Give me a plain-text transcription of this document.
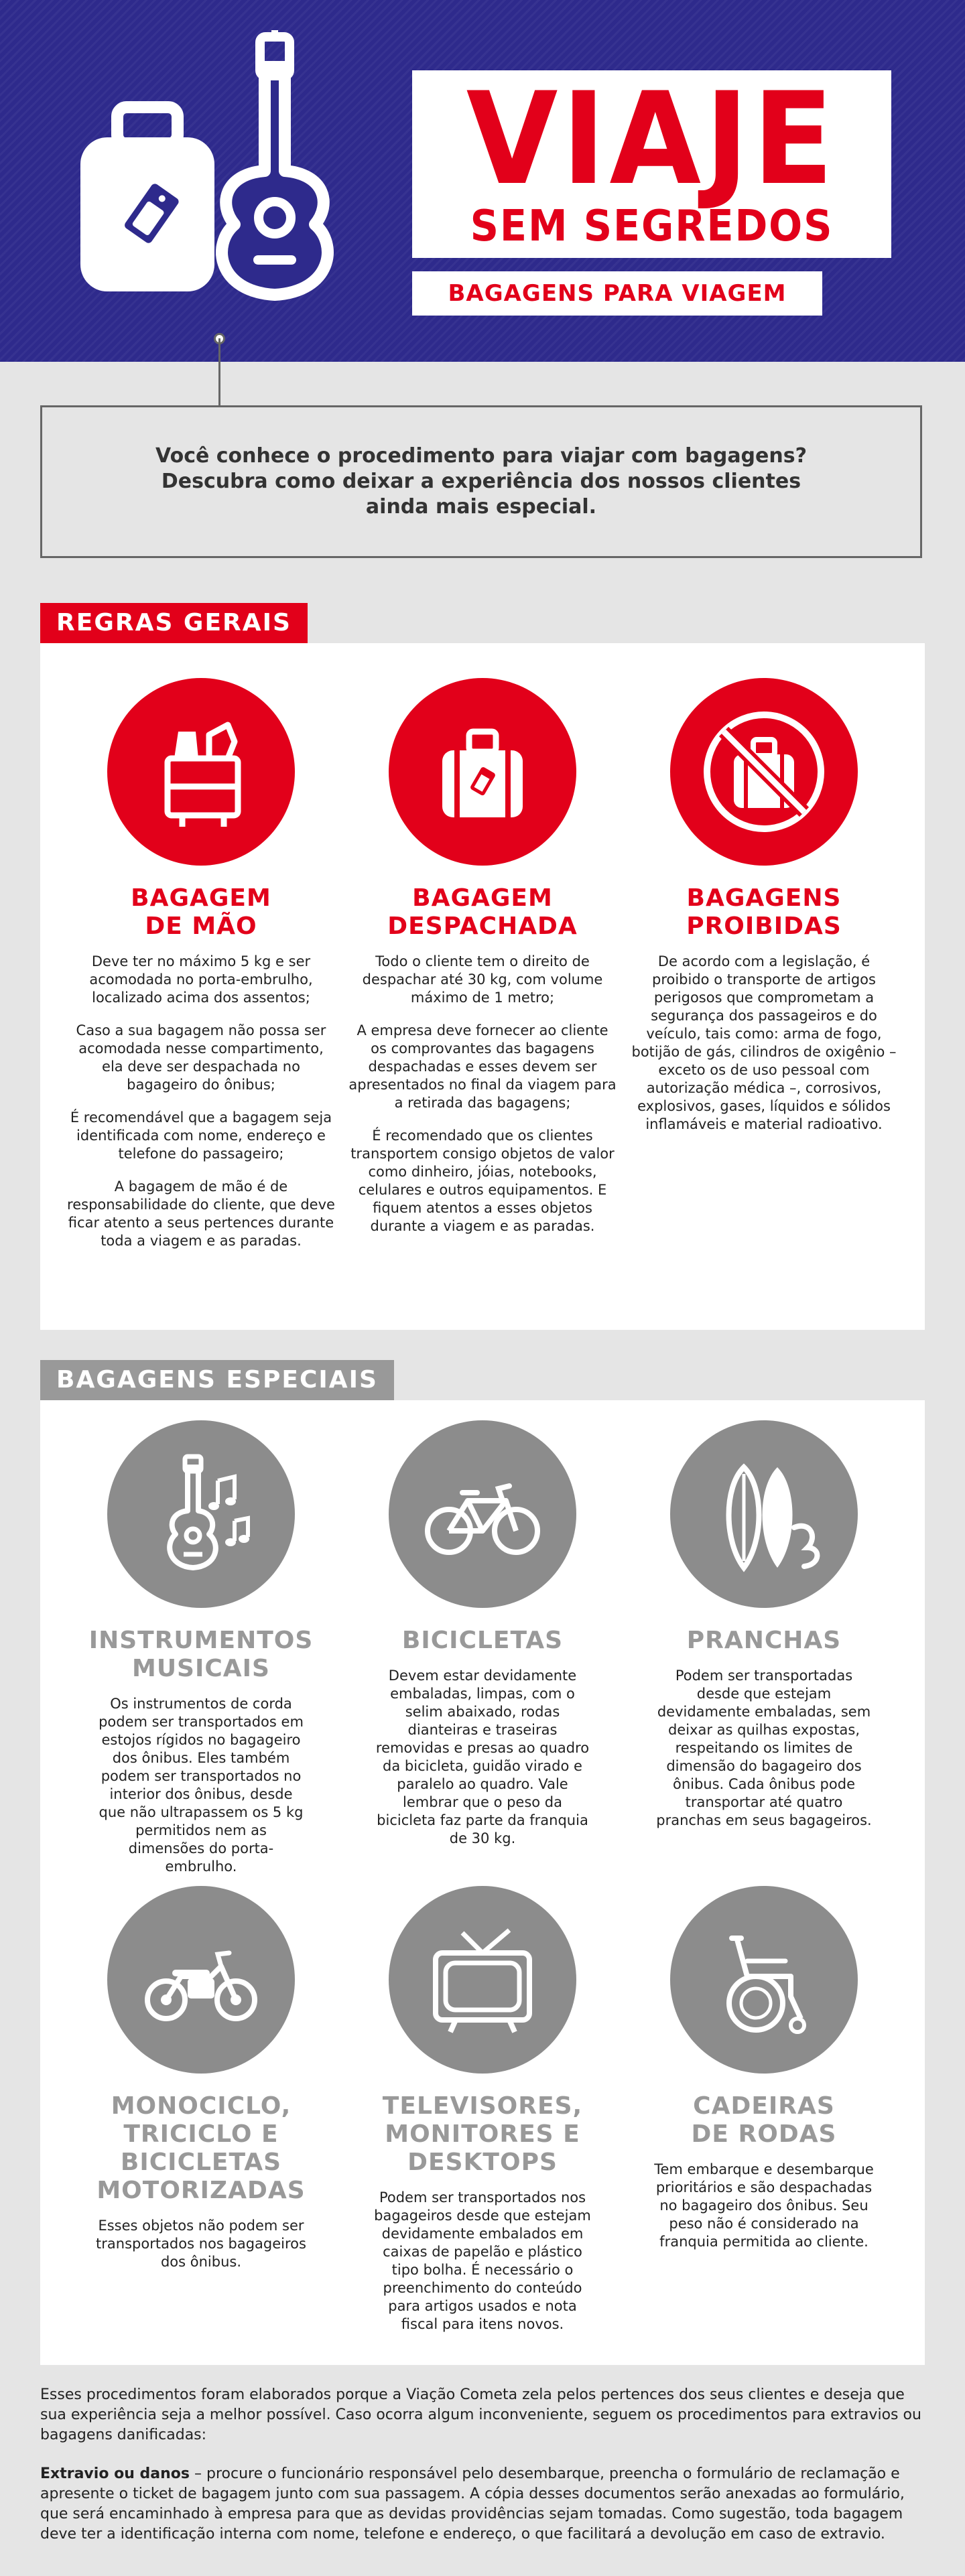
VIAJE
SEM SEGREDOS
BAGAGENS PARA VIAGEM

Você conhece o procedimento para viajar com bagagens? Descubra como deixar a experiência dos nossos clientes ainda mais especial.

REGRAS GERAIS
BAGAGEM
DE MÃO

Deve ter no máximo 5 kg e ser acomodada no porta-embrulho, localizado acima dos assentos;

Caso a sua bagagem não possa ser acomodada nesse compartimento, ela deve ser despachada no bagageiro do ônibus;

É recomendável que a bagagem seja identificada com nome, endereço e telefone do passageiro;

A bagagem de mão é de responsabilidade do cliente, que deve ficar atento a seus pertences durante toda a viagem e as paradas.

BAGAGEM
DESPACHADA

Todo o cliente tem o direito de despachar até 30 kg, com volume máximo de 1 metro;

A empresa deve fornecer ao cliente os comprovantes das bagagens despachadas e esses devem ser apresentados no final da viagem para a retirada das bagagens;

É recomendado que os clientes transportem consigo objetos de valor como dinheiro, jóias, notebooks, celulares e outros equipamentos. E fiquem atentos a esses objetos durante a viagem e as paradas.

BAGAGENS
PROIBIDAS

De acordo com a legislação, é proibido o transporte de artigos perigosos que comprometam a segurança dos passageiros e do veículo, tais como: arma de fogo, botijão de gás, cilindros de oxigênio – exceto os de uso pessoal com autorização médica –, corrosivos, explosivos, gases, líquidos e sólidos inflamáveis e material radioativo.

BAGAGENS ESPECIAIS
INSTRUMENTOS
MUSICAIS

Os instrumentos de corda podem ser transportados em estojos rígidos no bagageiro dos ônibus. Eles também podem ser transportados no interior dos ônibus, desde que não ultrapassem os 5 kg permitidos nem as dimensões do porta-embrulho.

BICICLETAS

Devem estar devidamente embaladas, limpas, com o selim abaixado, rodas dianteiras e traseiras removidas e presas ao quadro da bicicleta, guidão virado e paralelo ao quadro. Vale lembrar que o peso da bicicleta faz parte da franquia de 30 kg.

PRANCHAS

Podem ser transportadas desde que estejam devidamente embaladas, sem deixar as quilhas expostas, respeitando os limites de dimensão do bagageiro dos ônibus. Cada ônibus pode transportar até quatro pranchas em seus bagageiros.

MONOCICLO,
TRICICLO E
BICICLETAS
MOTORIZADAS

Esses objetos não podem ser transportados nos bagageiros dos ônibus.

TELEVISORES,
MONITORES E
DESKTOPS

Podem ser transportados nos bagageiros desde que estejam devidamente embalados em caixas de papelão e plástico tipo bolha. É necessário o preenchimento do conteúdo para artigos usados e nota fiscal para itens novos.

CADEIRAS
DE RODAS

Tem embarque e desembarque prioritários e são despachadas no bagageiro dos ônibus. Seu peso não é considerado na franquia permitida ao cliente.

Esses procedimentos foram elaborados porque a Viação Cometa zela pelos pertences dos seus clientes e deseja que sua experiência seja a melhor possível. Caso ocorra algum inconveniente, seguem os procedimentos para extravios ou bagagens danificadas:

Extravio ou danos – procure o funcionário responsável pelo desembarque, preencha o formulário de reclamação e apresente o ticket de bagagem junto com sua passagem. A cópia desses documentos serão anexadas ao formulário, que será encaminhado à empresa para que as devidas providências sejam tomadas. Como sugestão, toda bagagem deve ter a identificação interna com nome, telefone e endereço, o que facilitará a devolução em caso de extravio.
